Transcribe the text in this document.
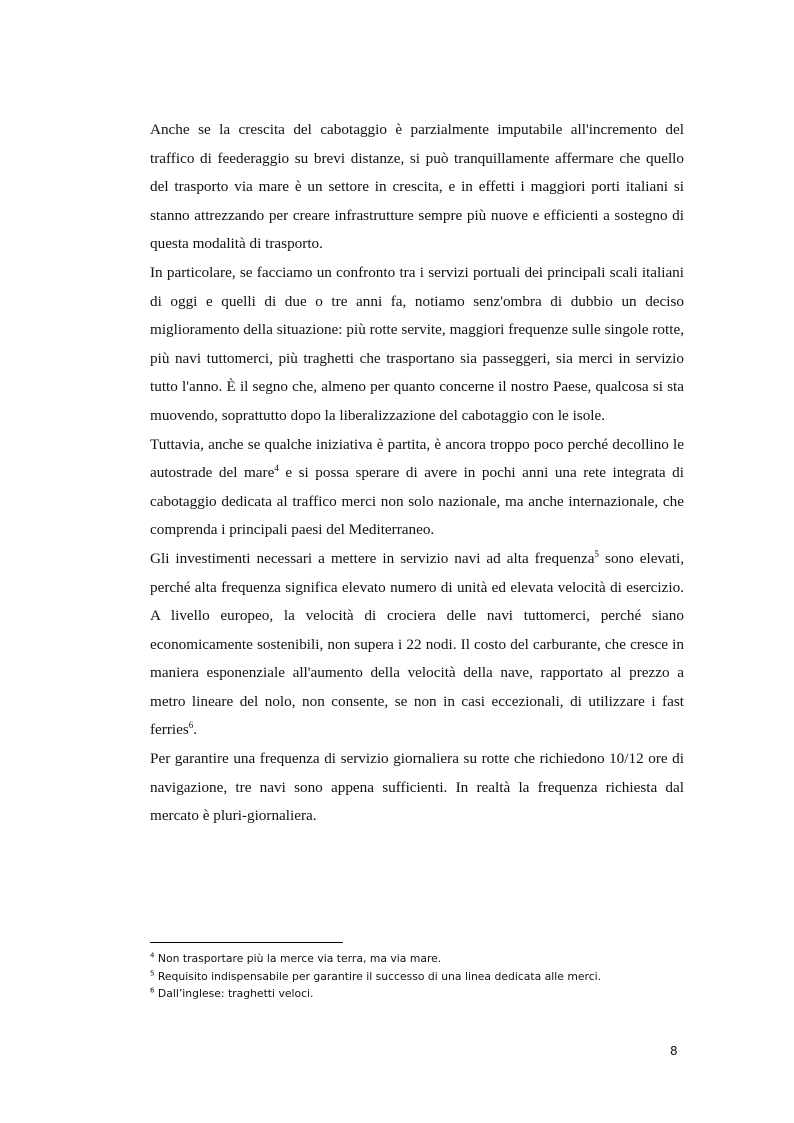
Anche se la crescita del cabotaggio è parzialmente imputabile all'incremento del traffico di feederaggio su brevi distanze, si può tranquillamente affermare che quello del trasporto via mare è un settore in crescita, e in effetti i maggiori porti italiani si stanno attrezzando per creare infrastrutture sempre più nuove e efficienti a sostegno di questa modalità di trasporto.

In particolare, se facciamo un confronto tra i servizi portuali dei principali scali italiani di oggi e quelli di due o tre anni fa, notiamo senz'ombra di dubbio un deciso miglioramento della situazione: più rotte servite, maggiori frequenze sulle singole rotte, più navi tuttomerci, più traghetti che trasportano sia passeggeri, sia merci in servizio tutto l'anno. È il segno che, almeno per quanto concerne il nostro Paese, qualcosa si sta muovendo, soprattutto dopo la liberalizzazione del cabotaggio con le isole.

Tuttavia, anche se qualche iniziativa è partita, è ancora troppo poco perché decollino le autostrade del mare$^4$ e si possa sperare di avere in pochi anni una rete integrata di cabotaggio dedicata al traffico merci non solo nazionale, ma anche internazionale, che comprenda i principali paesi del Mediterraneo.

Gli investimenti necessari a mettere in servizio navi ad alta frequenza$^5$ sono elevati, perché alta frequenza significa elevato numero di unità ed elevata velocità di esercizio. A livello europeo, la velocità di crociera delle navi tuttomerci, perché siano economicamente sostenibili, non supera i 22 nodi. Il costo del carburante, che cresce in maniera esponenziale all'aumento della velocità della nave, rapportato al prezzo a metro lineare del nolo, non consente, se non in casi eccezionali, di utilizzare i fast ferries$^6$.

Per garantire una frequenza di servizio giornaliera su rotte che richiedono 10/12 ore di navigazione, tre navi sono appena sufficienti. In realtà la frequenza richiesta dal mercato è pluri-giornaliera.

$^4$ Non trasportare più la merce via terra, ma via mare.
$^5$ Requisito indispensabile per garantire il successo di una linea dedicata alle merci.
$^6$ Dall’inglese: traghetti veloci.
8
